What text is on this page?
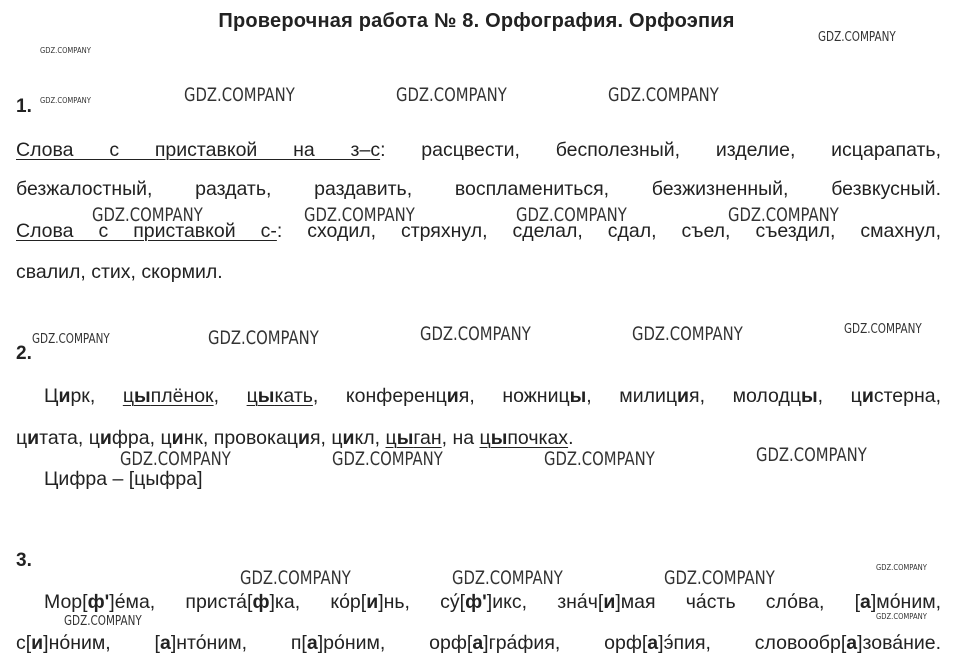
Проверочная работа № 8. Орфография. Орфоэпия
1.
Слова с приставкой на з–с: расцвести, бесполезный, изделие, исцарапать,
безжалостный, раздать, раздавить, воспламениться, безжизненный, безвкусный.
Слова с приставкой с-: сходил, стряхнул, сделал, сдал, съел, съездил, смахнул,
свалил, стих, скормил.
2.
Цирк, цыплёнок, цыкать, конференция, ножницы, милиция, молодцы, цистерна,
цитата, цифра, цинк, провокация, цикл, цыган, на цыпочках.
Цифра – [цыфра]
3.
Мор[ф']е́ма, приста́[ф]ка, ко́р[и]нь, су́[ф']икс, зна́ч[и]мая ча́сть сло́ва, [а]мо́ним,
с[и]но́ним, [а]нто́ним, п[а]ро́ним, орф[а]гра́фия, орф[а]э́пия, словообр[а]зова́ние.
GDZ.COMPANY
GDZ.COMPANY
GDZ.COMPANY	GDZ.COMPANY	GDZ.COMPANY	GDZ.COMPANY
GDZ.COMPANY	GDZ.COMPANY	GDZ.COMPANY	GDZ.COMPANY
GDZ.COMPANY	GDZ.COMPANY	GDZ.COMPANY	GDZ.COMPANY	GDZ.COMPANY
GDZ.COMPANY	GDZ.COMPANY	GDZ.COMPANY	GDZ.COMPANY
GDZ.COMPANY
GDZ.COMPANY	GDZ.COMPANY	GDZ.COMPANY
GDZ.COMPANY
GDZ.COMPANY
